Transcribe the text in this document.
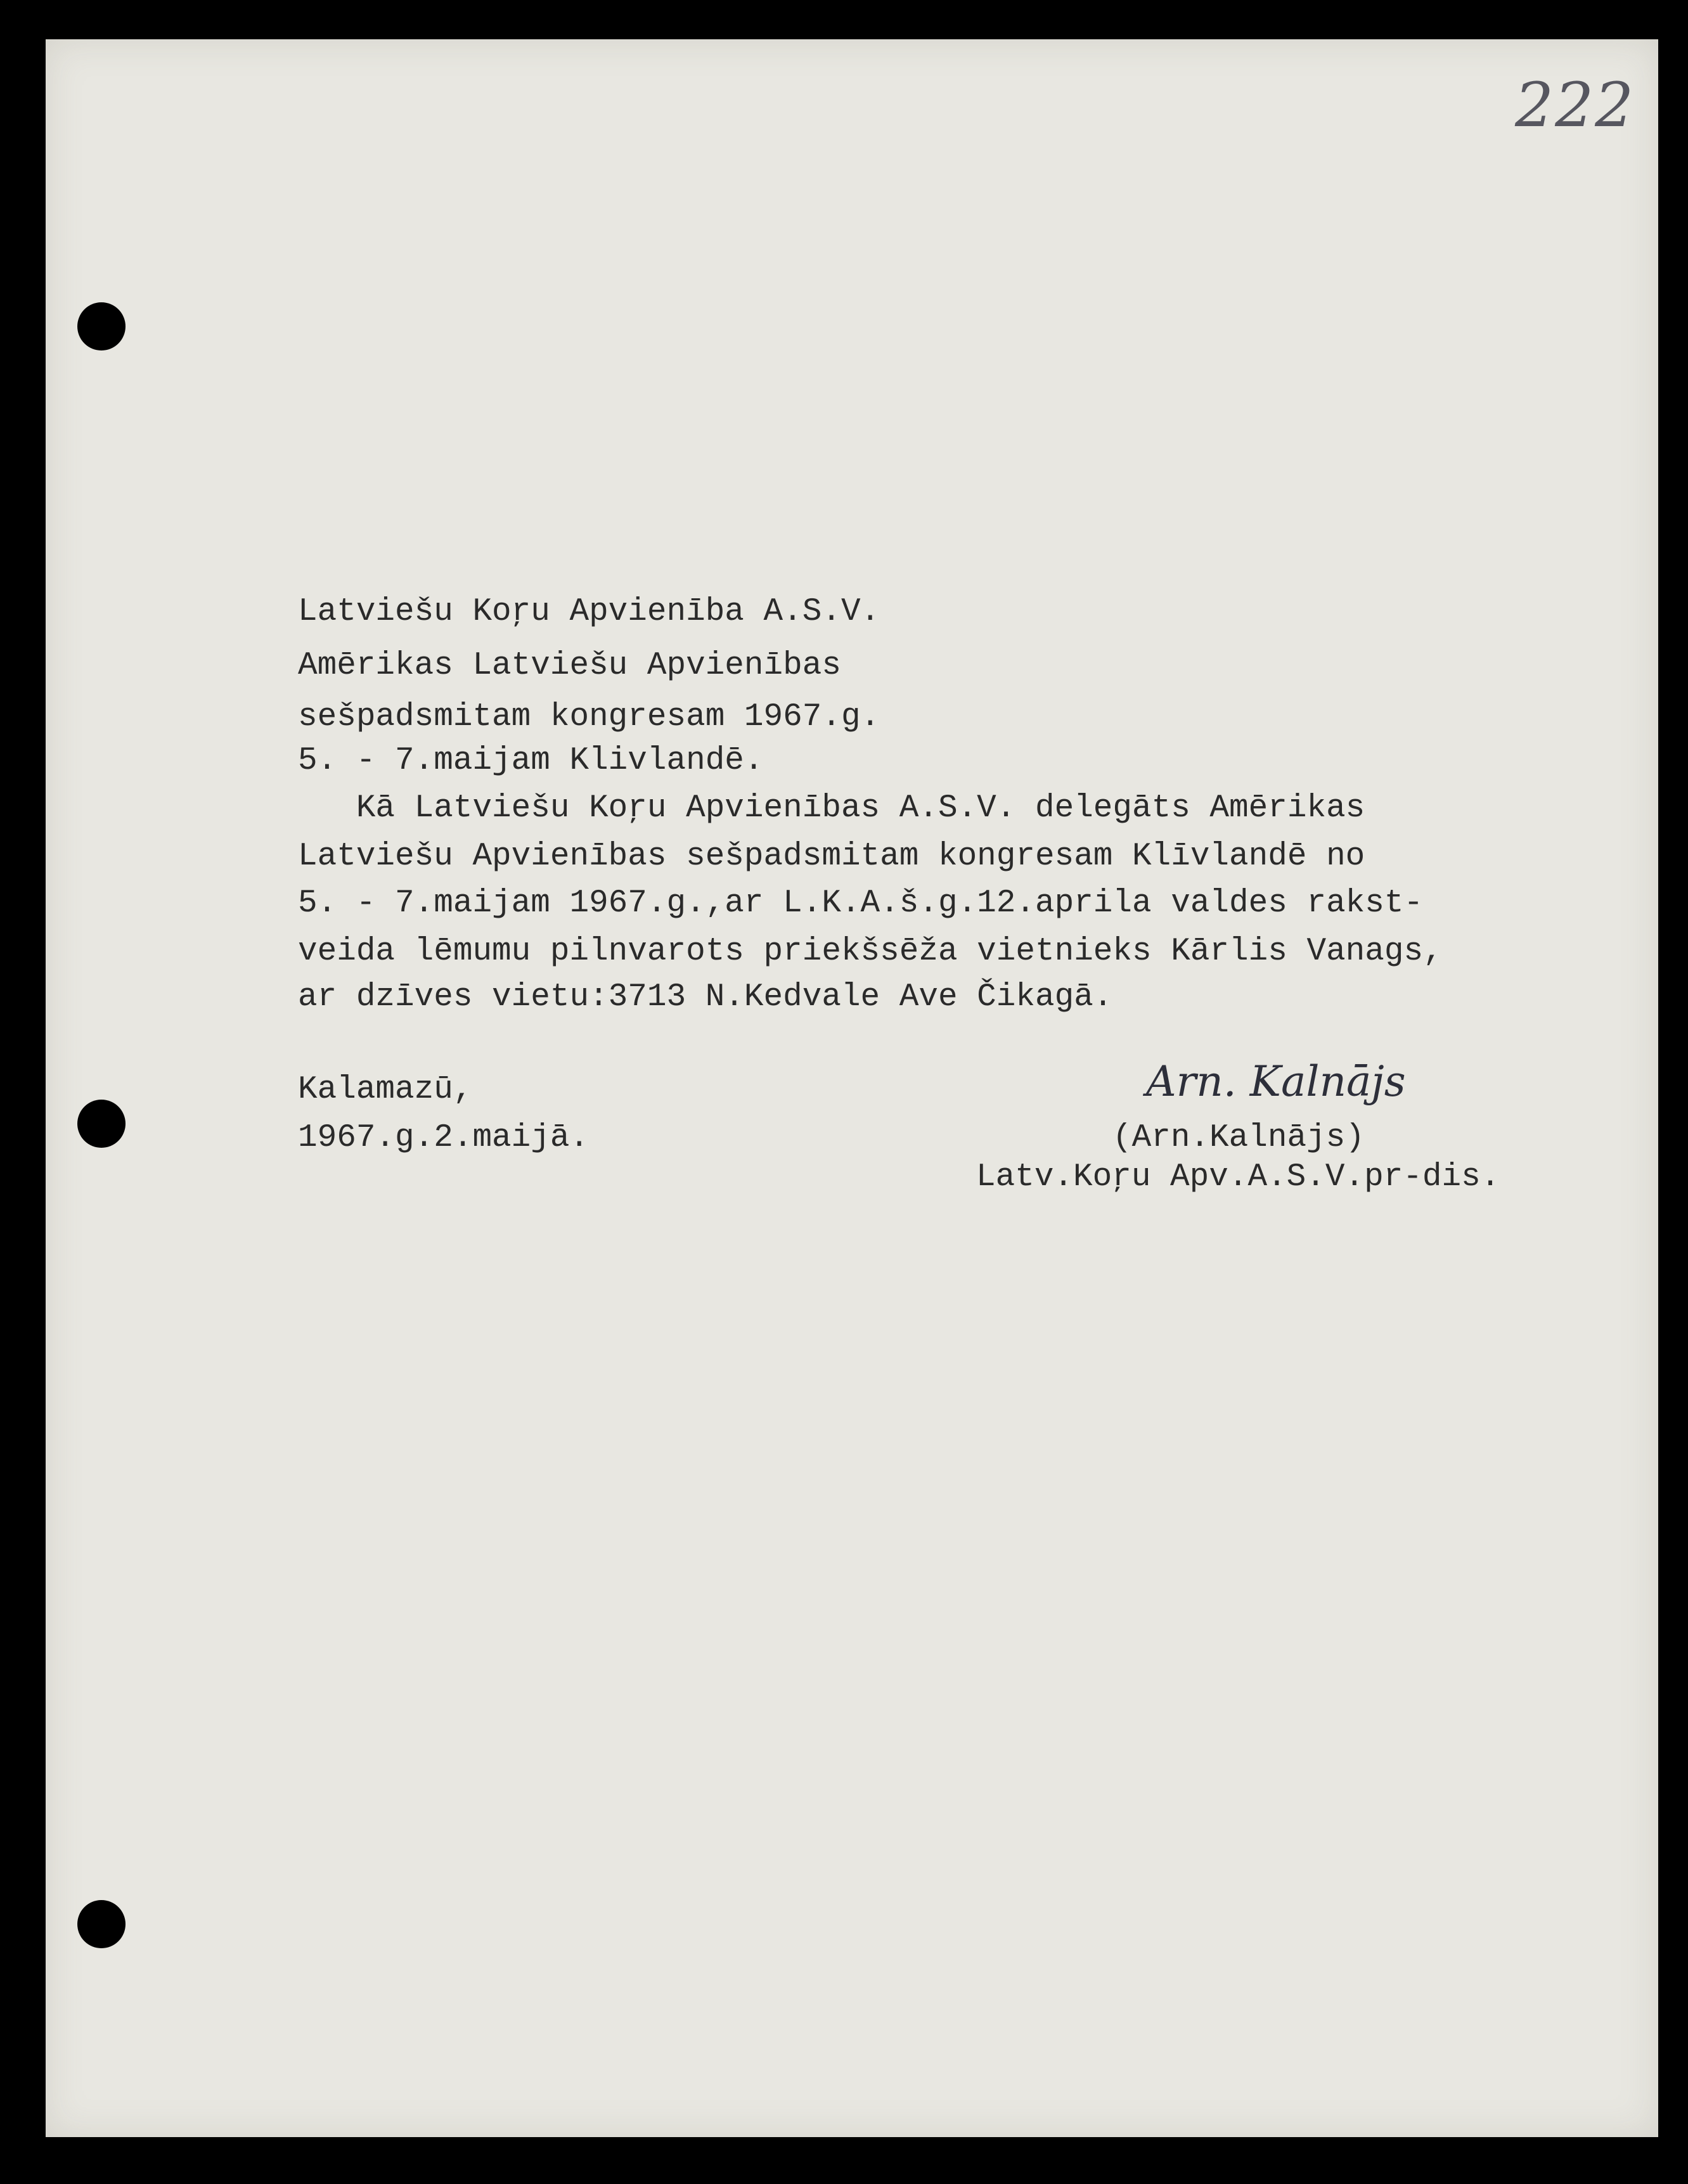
222
Latviešu Koŗu Apvienība A.S.V.
Amērikas Latviešu Apvienības
sešpadsmitam kongresam 1967.g.
5. - 7.maijam Klivlandē.
Kā Latviešu Koŗu Apvienības A.S.V. delegāts Amērikas
Latviešu Apvienības sešpadsmitam kongresam Klīvlandē no
5. - 7.maijam 1967.g.,ar L.K.A.š.g.12.aprila valdes rakst-
veida lēmumu pilnvarots priekšsēža vietnieks Kārlis Vanags,
ar dzīves vietu:3713 N.Kedvale Ave Čikagā.
Kalamazū,
1967.g.2.maijā.
Arn. Kalnājs
(Arn.Kalnājs)
Latv.Koŗu Apv.A.S.V.pr-dis.
